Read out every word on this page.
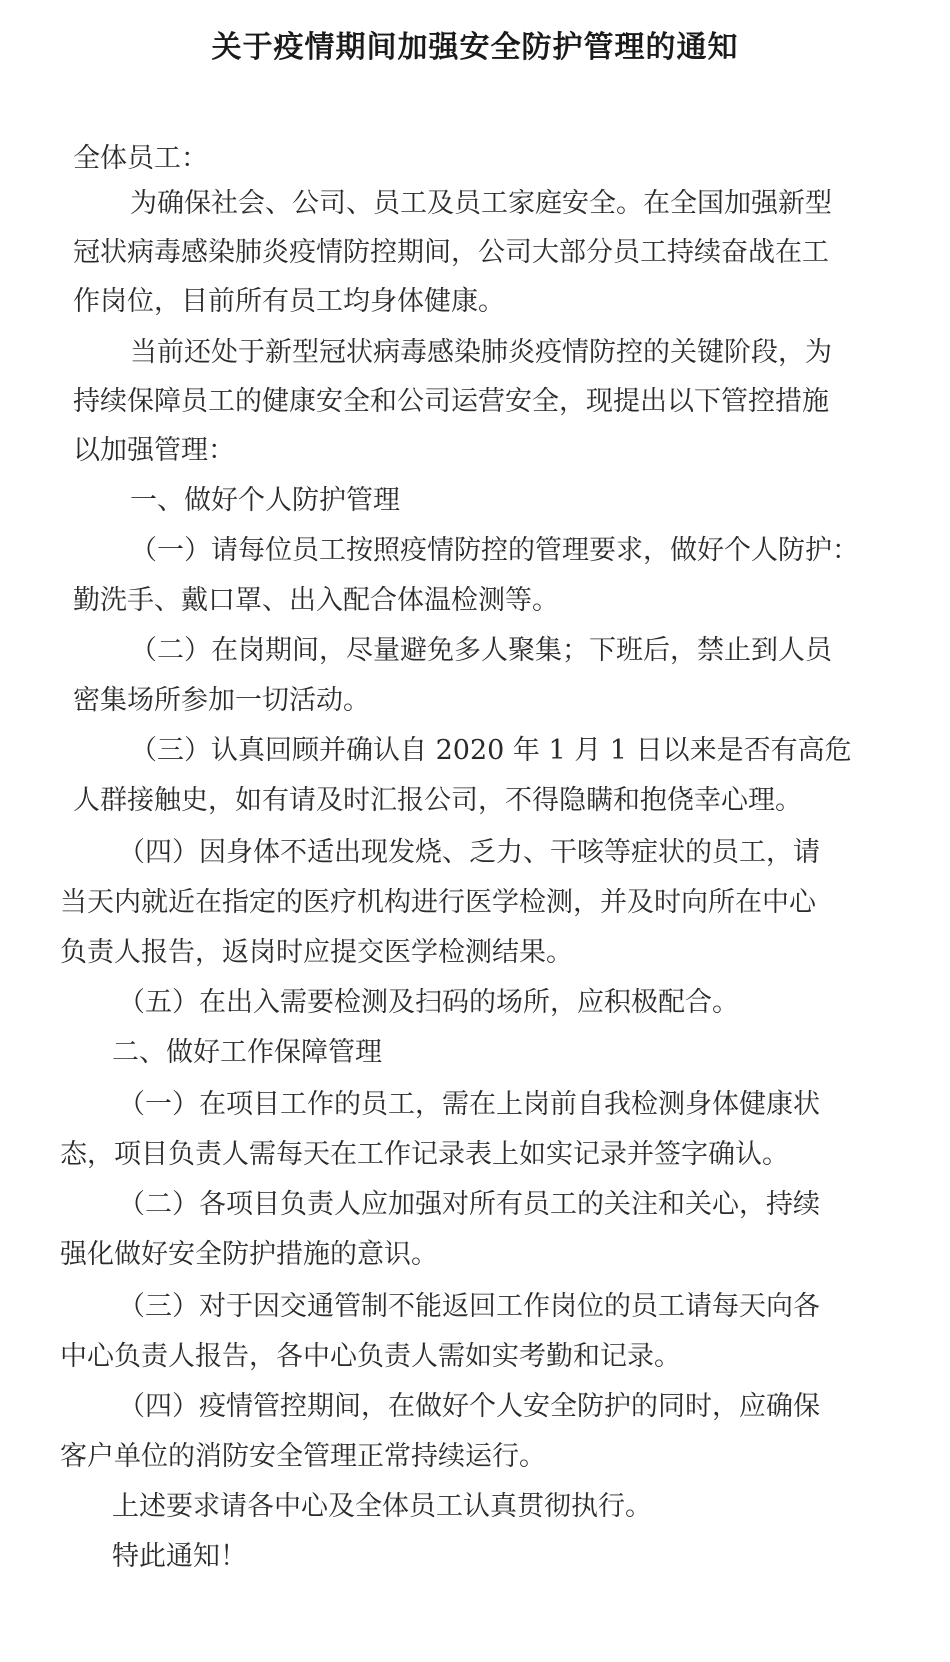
关于疫情期间加强安全防护管理的通知
全体员工：
为确保社会、公司、员工及员工家庭安全。在全国加强新型
冠状病毒感染肺炎疫情防控期间，公司大部分员工持续奋战在工
作岗位，目前所有员工均身体健康。
当前还处于新型冠状病毒感染肺炎疫情防控的关键阶段，为
持续保障员工的健康安全和公司运营安全，现提出以下管控措施
以加强管理：
一、做好个人防护管理
（一）请每位员工按照疫情防控的管理要求，做好个人防护：
勤洗手、戴口罩、出入配合体温检测等。
（二）在岗期间，尽量避免多人聚集；下班后，禁止到人员
密集场所参加一切活动。
（三）认真回顾并确认自 2020 年 1 月 1 日以来是否有高危
人群接触史，如有请及时汇报公司，不得隐瞒和抱侥幸心理。
（四）因身体不适出现发烧、乏力、干咳等症状的员工，请
当天内就近在指定的医疗机构进行医学检测，并及时向所在中心
负责人报告，返岗时应提交医学检测结果。
（五）在出入需要检测及扫码的场所，应积极配合。
二、做好工作保障管理
（一）在项目工作的员工，需在上岗前自我检测身体健康状
态，项目负责人需每天在工作记录表上如实记录并签字确认。
（二）各项目负责人应加强对所有员工的关注和关心，持续
强化做好安全防护措施的意识。
（三）对于因交通管制不能返回工作岗位的员工请每天向各
中心负责人报告，各中心负责人需如实考勤和记录。
（四）疫情管控期间，在做好个人安全防护的同时，应确保
客户单位的消防安全管理正常持续运行。
上述要求请各中心及全体员工认真贯彻执行。
特此通知！
